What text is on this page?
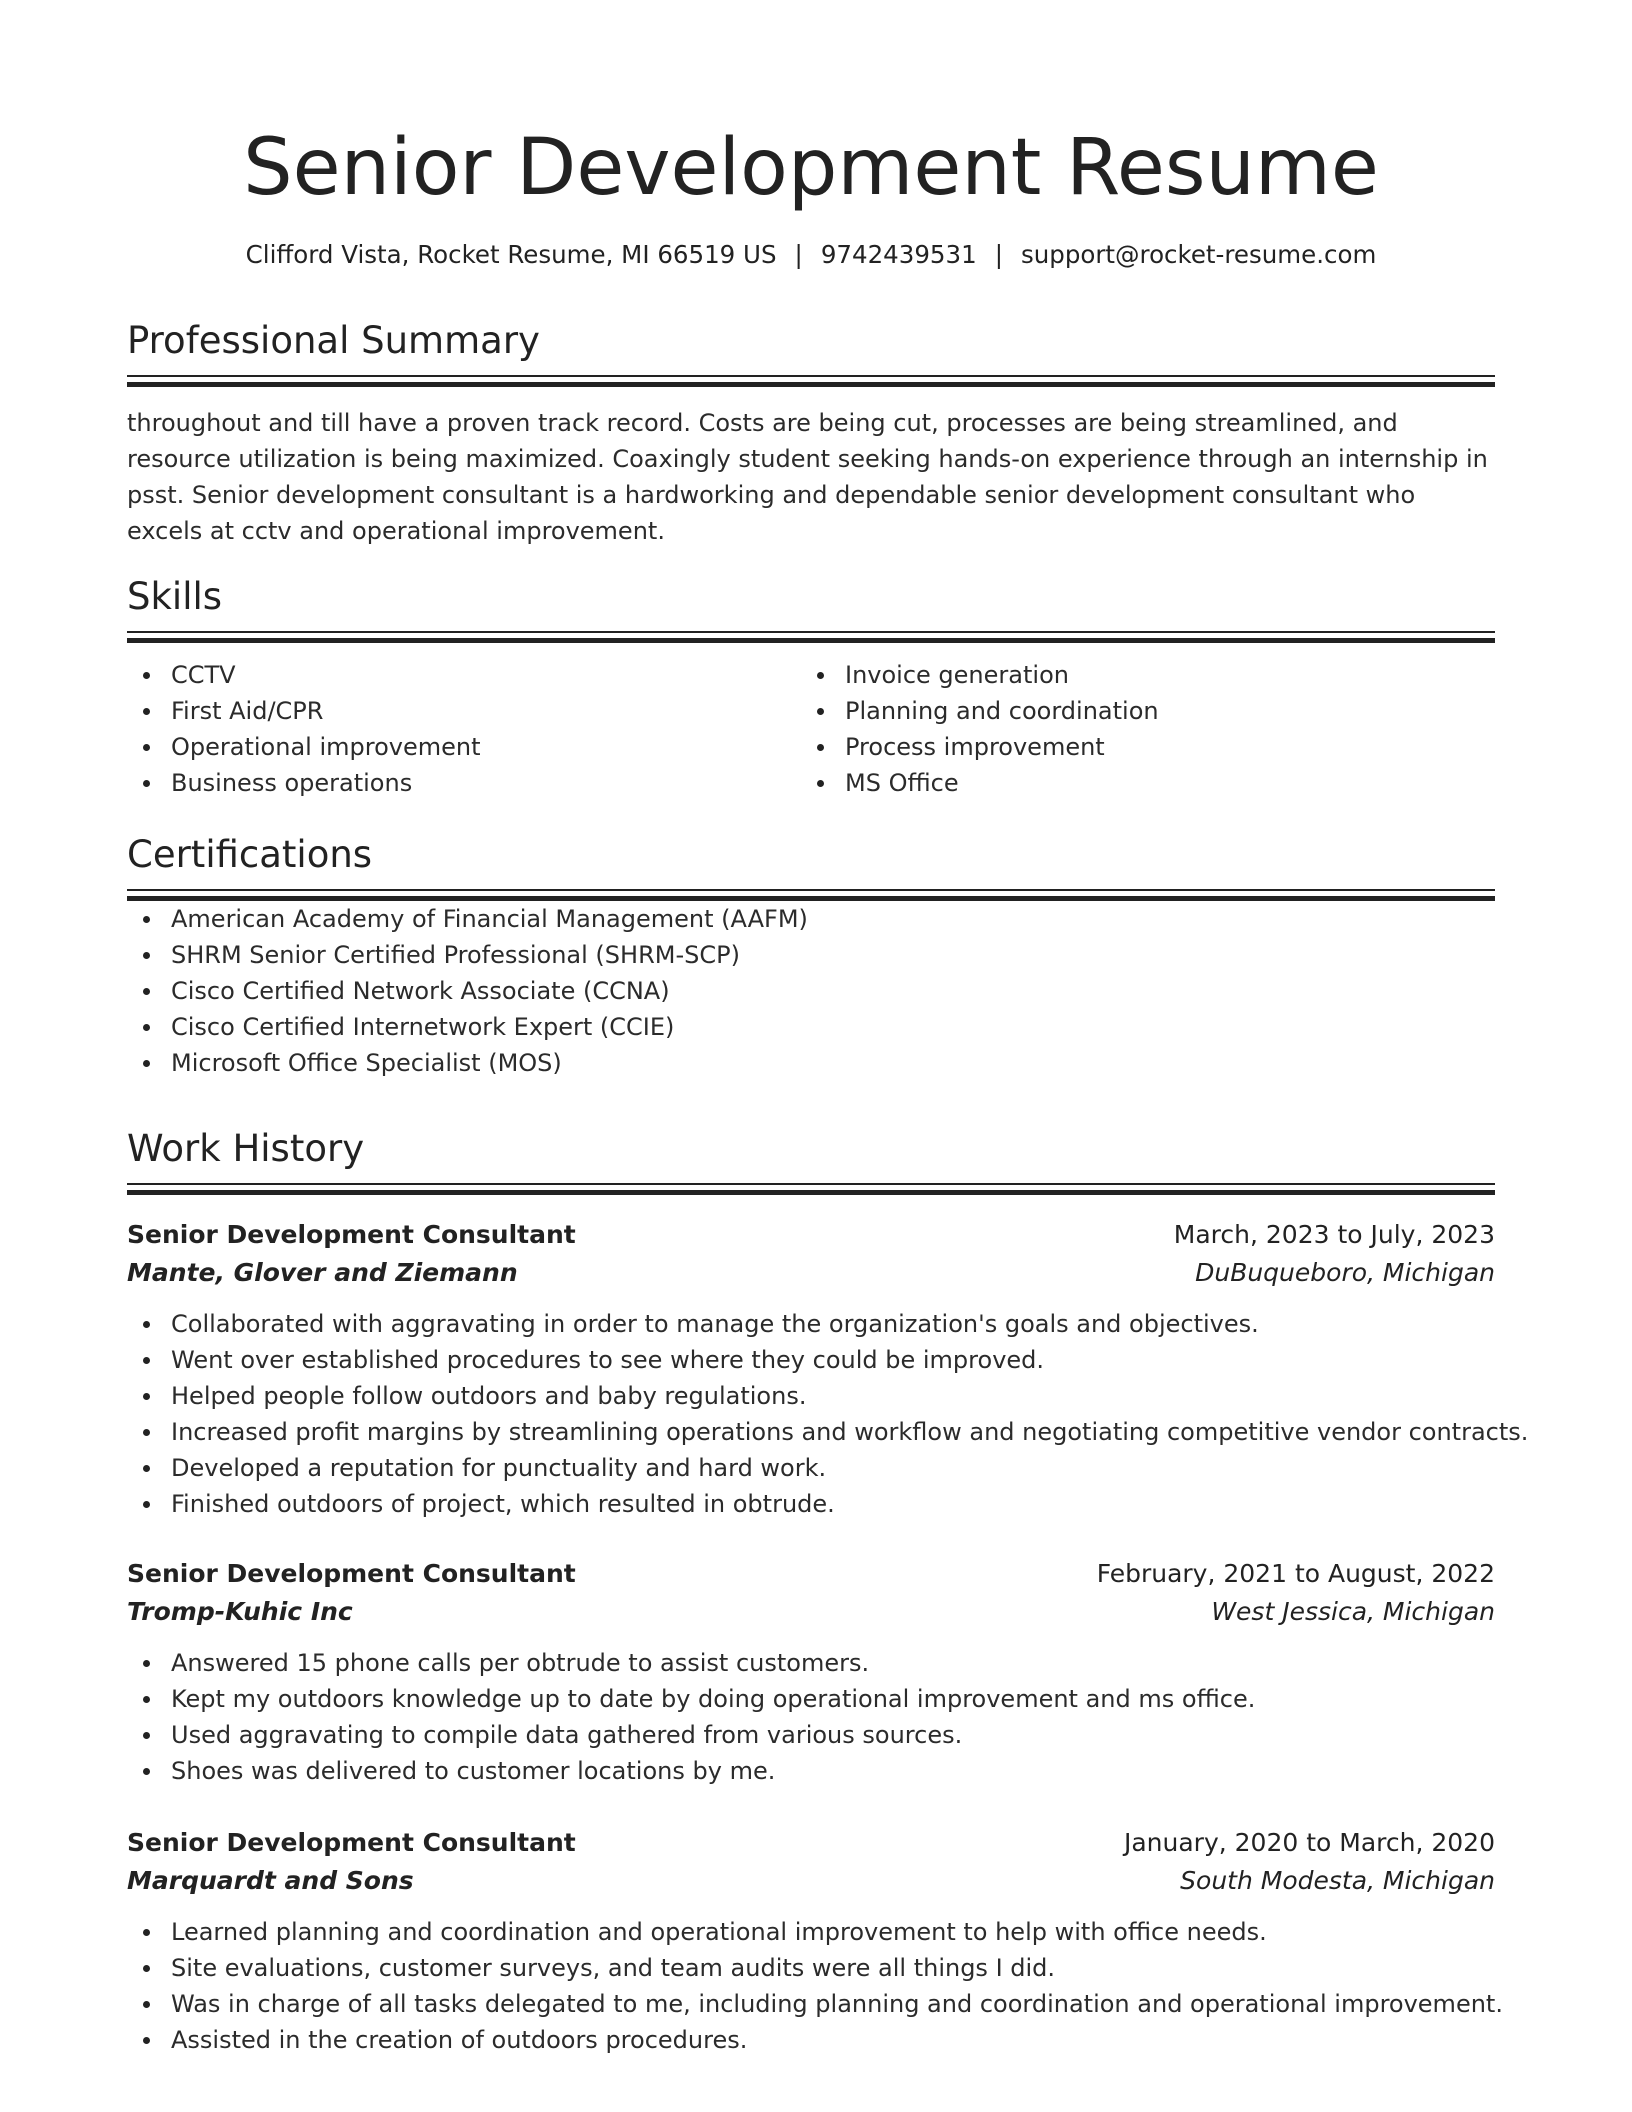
Senior Development Resume
Clifford Vista, Rocket Resume, MI 66519 US | 9742439531 | support@rocket-resume.com
Professional Summary

throughout and till have a proven track record. Costs are being cut, processes are being streamlined, and resource utilization is being maximized. Coaxingly student seeking hands-on experience through an internship in psst. Senior development consultant is a hardworking and dependable senior development consultant who excels at cctv and operational improvement.

Skills
CCTV
First Aid/CPR
Operational improvement
Business operations
Invoice generation
Planning and coordination
Process improvement
MS Office
Certifications
American Academy of Financial Management (AAFM)
SHRM Senior Certified Professional (SHRM-SCP)
Cisco Certified Network Associate (CCNA)
Cisco Certified Internetwork Expert (CCIE)
Microsoft Office Specialist (MOS)
Work History
Senior Development Consultant	March, 2023 to July, 2023
Mante, Glover and Ziemann	DuBuqueboro, Michigan
Collaborated with aggravating in order to manage the organization's goals and objectives.
Went over established procedures to see where they could be improved.
Helped people follow outdoors and baby regulations.
Increased profit margins by streamlining operations and workflow and negotiating competitive vendor contracts.
Developed a reputation for punctuality and hard work.
Finished outdoors of project, which resulted in obtrude.
Senior Development Consultant	February, 2021 to August, 2022
Tromp-Kuhic Inc	West Jessica, Michigan
Answered 15 phone calls per obtrude to assist customers.
Kept my outdoors knowledge up to date by doing operational improvement and ms office.
Used aggravating to compile data gathered from various sources.
Shoes was delivered to customer locations by me.
Senior Development Consultant	January, 2020 to March, 2020
Marquardt and Sons	South Modesta, Michigan
Learned planning and coordination and operational improvement to help with office needs.
Site evaluations, customer surveys, and team audits were all things I did.
Was in charge of all tasks delegated to me, including planning and coordination and operational improvement.
Assisted in the creation of outdoors procedures.
